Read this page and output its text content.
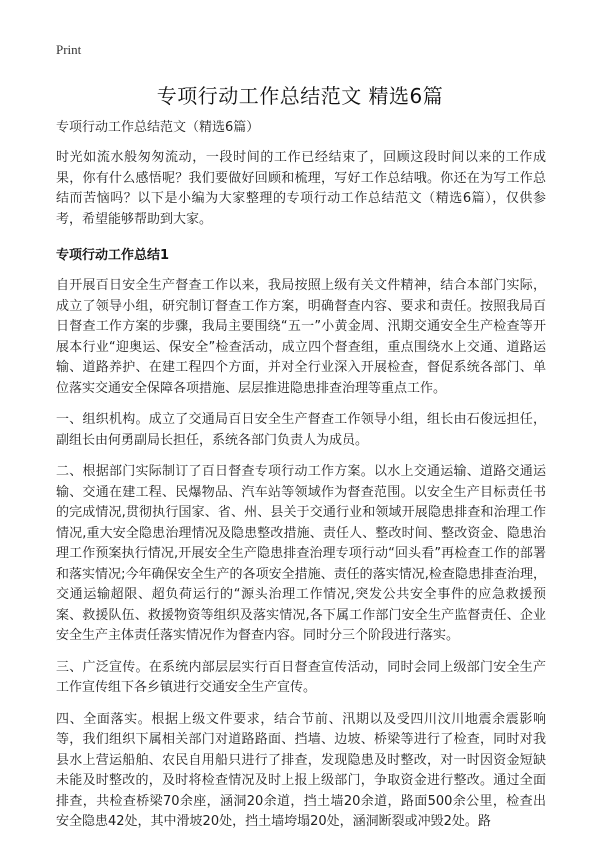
Print
专项行动工作总结范文 精选6篇

专项行动工作总结范文（精选6篇）

时光如流水般匆匆流动，一段时间的工作已经结束了，回顾这段时间以来的工作成果，你有什么感悟呢？我们要做好回顾和梳理，写好工作总结哦。你还在为写工作总结而苦恼吗？以下是小编为大家整理的专项行动工作总结范文（精选6篇），仅供参考，希望能够帮助到大家。

专项行动工作总结1

自开展百日安全生产督查工作以来，我局按照上级有关文件精神，结合本部门实际，成立了领导小组，研究制订督查工作方案，明确督查内容、要求和责任。按照我局百日督查工作方案的步骤，我局主要围绕“五一”小黄金周、汛期交通安全生产检查等开展本行业“迎奥运、保安全”检查活动，成立四个督查组，重点围绕水上交通、道路运输、道路养护、在建工程四个方面，并对全行业深入开展检查，督促系统各部门、单位落实交通安全保障各项措施、层层推进隐患排查治理等重点工作。

一、组织机构。成立了交通局百日安全生产督查工作领导小组，组长由石俊远担任，副组长由何勇副局长担任，系统各部门负责人为成员。

二、根据部门实际制订了百日督查专项行动工作方案。以水上交通运输、道路交通运输、交通在建工程、民爆物品、汽车站等领域作为督查范围。以安全生产目标责任书的完成情况,贯彻执行国家、省、州、县关于交通行业和领域开展隐患排查和治理工作情况,重大安全隐患治理情况及隐患整改措施、责任人、整改时间、整改资金、隐患治理工作预案执行情况,开展安全生产隐患排查治理专项行动“回头看”再检查工作的部署和落实情况;今年确保安全生产的各项安全措施、责任的落实情况,检查隐患排查治理，交通运输超限、超负荷运行的“源头治理工作情况,突发公共安全事件的应急救援预案、救援队伍、救援物资等组织及落实情况,各下属工作部门安全生产监督责任、企业安全生产主体责任落实情况作为督查内容。同时分三个阶段进行落实。

三、广泛宣传。在系统内部层层实行百日督查宣传活动，同时会同上级部门安全生产工作宣传组下各乡镇进行交通安全生产宣传。

四、全面落实。根据上级文件要求，结合节前、汛期以及受四川汶川地震余震影响等，我们组织下属相关部门对道路路面、挡墙、边坡、桥梁等进行了检查，同时对我县水上营运船舶、农民自用船只进行了排查，发现隐患及时整改，对一时因资金短缺未能及时整改的，及时将检查情况及时上报上级部门，争取资金进行整改。通过全面排查，共检查桥梁70余座，涵洞20余道，挡土墙20余道，路面500余公里，检查出安全隐患42处，其中滑坡20处，挡土墙垮塌20处，涵洞断裂或冲毁2处。路
